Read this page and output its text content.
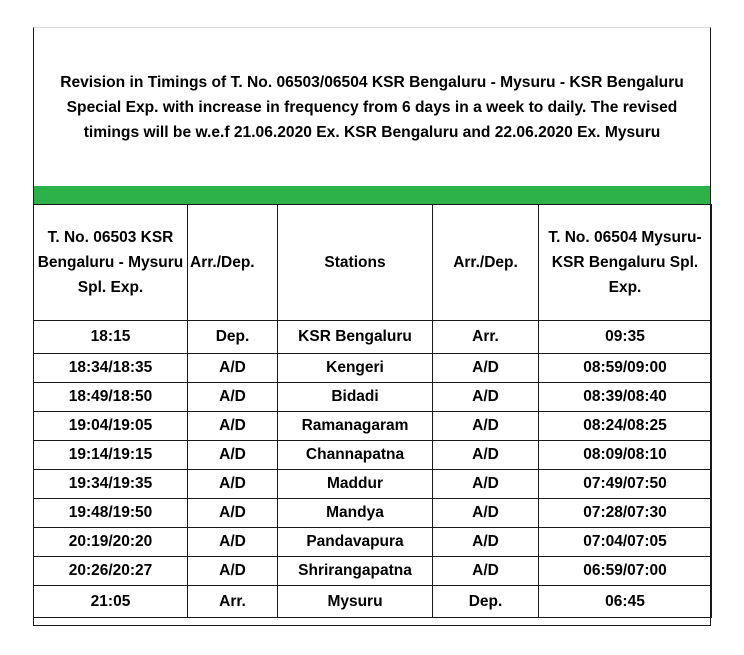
Revision in Timings of T. No. 06503/06504 KSR Bengaluru - Mysuru - KSR Bengaluru Special Exp. with increase in frequency from 6 days in a week to daily. The revised timings will be w.e.f 21.06.2020 Ex. KSR Bengaluru and 22.06.2020 Ex. Mysuru

T. No. 06503 KSR Bengaluru - Mysuru Spl. Exp.	Arr./Dep.	Stations	Arr./Dep.	T. No. 06504 Mysuru-KSR Bengaluru Spl. Exp.
18:15	Dep.	KSR Bengaluru	Arr.	09:35
18:34/18:35	A/D	Kengeri	A/D	08:59/09:00
18:49/18:50	A/D	Bidadi	A/D	08:39/08:40
19:04/19:05	A/D	Ramanagaram	A/D	08:24/08:25
19:14/19:15	A/D	Channapatna	A/D	08:09/08:10
19:34/19:35	A/D	Maddur	A/D	07:49/07:50
19:48/19:50	A/D	Mandya	A/D	07:28/07:30
20:19/20:20	A/D	Pandavapura	A/D	07:04/07:05
20:26/20:27	A/D	Shrirangapatna	A/D	06:59/07:00
21:05	Arr.	Mysuru	Dep.	06:45
